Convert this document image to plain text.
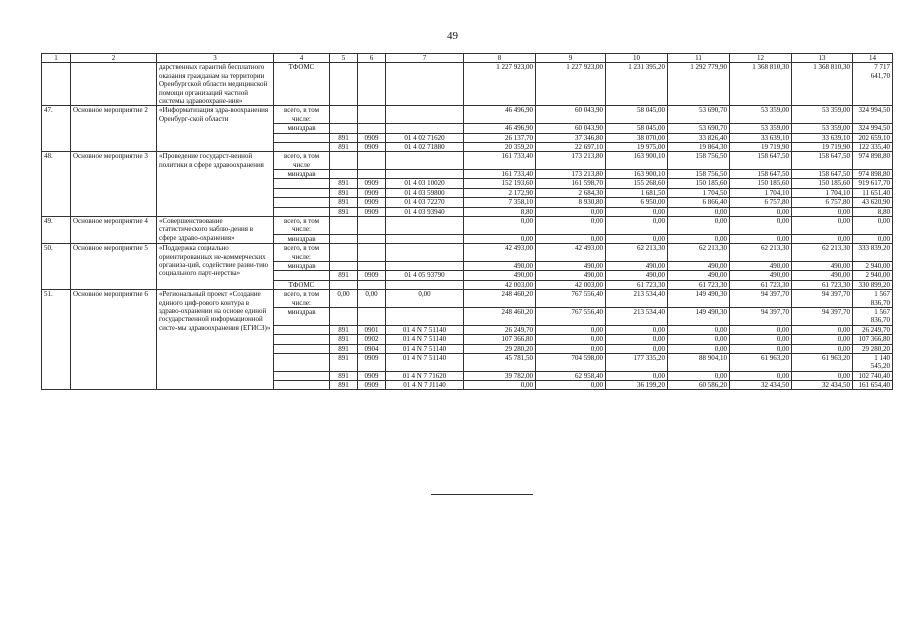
49
1	2	3	4	5	6	7	8	9	10	11	12	13	14
		дарственных гарантий бесплатного оказания гражданам на территории Оренбургской области медицинской помощи организаций частной системы здравоохране-ния»	ТФОМС				1 227 923,00	1 227 923,00	1 231 395,20	1 292 779,90	1 368 810,30	1 368 810,30	7 717 641,70
47.	Основное мероприятие 2	«Информатизация здра-воохранения Оренбург-ской области	всего, в том числе:				46 496,90	60 043,90	58 045,00	53 690,70	53 359,00	53 359,00	324 994,50
			минздрав				46 496,90	60 043,90	58 045,00	53 690,70	53 359,00	53 359,00	324 994,50
				891	0909	01 4 02 71620	26 137,70	37 346,80	38 070,00	33 826,40	33 639,10	33 639,10	202 659,10
				891	0909	01 4 02 71880	20 359,20	22 697,10	19 975,00	19 864,30	19 719,90	19 719,90	122 335,40
48.	Основное мероприятие 3	«Проведение государст-венной политики в сфере здравоохранения	всего, в том числе				161 733,40	173 213,80	163 900,10	158 756,50	158 647,50	158 647,50	974 898,80
			минздрав				161 733,40	173 213,80	163 900,10	158 756,50	158 647,50	158 647,50	974 898,80
				891	0909	01 4 03 10020	152 193,60	161 598,70	155 268,60	150 185,60	150 185,60	150 185,60	919 617,70
				891	0909	01 4 03 59800	2 172,90	2 684,30	1 681,50	1 704,50	1 704,10	1 704,10	11 651,40
				891	0909	01 4 03 72270	7 358,10	8 930,80	6 950,00	6 866,40	6 757,80	6 757,80	43 620,90
				891	0909	01 4 03 93940	8,80	0,00	0,00	0,00	0,00	0,00	8,80
49.	Основное мероприятие 4	«Совершенствование статистического наблю-дения в сфере здраво-охранения»	всего, в том числе:				0,00	0,00	0,00	0,00	0,00	0,00	0,00
			минздрав				0,00	0,00	0,00	0,00	0,00	0,00	0,00
50.	Основное мероприятие 5	«Поддержка социально ориентированных не-коммерческих организа-ций, содействие разви-тию социального парт-нерства»	всего, в том числе:				42 493,00	42 493,00	62 213,30	62 213,30	62 213,30	62 213,30	333 839,20
			минздрав				490,00	490,00	490,00	490,00	490,00	490,00	2 940,00
				891	0909	01 4 05 93790	490,00	490,00	490,00	490,00	490,00	490,00	2 940,00
			ТФОМС				42 003,00	42 003,00	61 723,30	61 723,30	61 723,30	61 723,30	330 899,20
51.	Основное мероприятие 6	«Региональный проект «Создание единого циф-рового контура в здраво-охранении на основе единой государственной информационной систе-мы здравоохранения (ЕГИСЗ)»	всего, в том числе:	0,00	0,00	0,00	248 460,20	767 556,40	213 534,40	149 490,30	94 397,70	94 397,70	1 567 836,70
			минздрав				248 460,20	767 556,40	213 534,40	149 490,30	94 397,70	94 397,70	1 567 836,70
				891	0901	01 4 N 7 51140	26 249,70	0,00	0,00	0,00	0,00	0,00	26 249,70
				891	0902	01 4 N 7 51140	107 366,80	0,00	0,00	0,00	0,00	0,00	107 366,80
				891	0904	01 4 N 7 51140	29 280,20	0,00	0,00	0,00	0,00	0,00	29 280,20
				891	0909	01 4 N 7 51140	45 781,50	704 598,00	177 335,20	88 904,10	61 963,20	61 963,20	1 140 545,20
				891	0909	01 4 N 7 71620	39 782,00	62 958,40	0,00	0,00	0,00	0,00	102 740,40
				891	0909	01 4 N 7 J1140	0,00	0,00	36 199,20	60 586,20	32 434,50	32 434,50	161 654,40
